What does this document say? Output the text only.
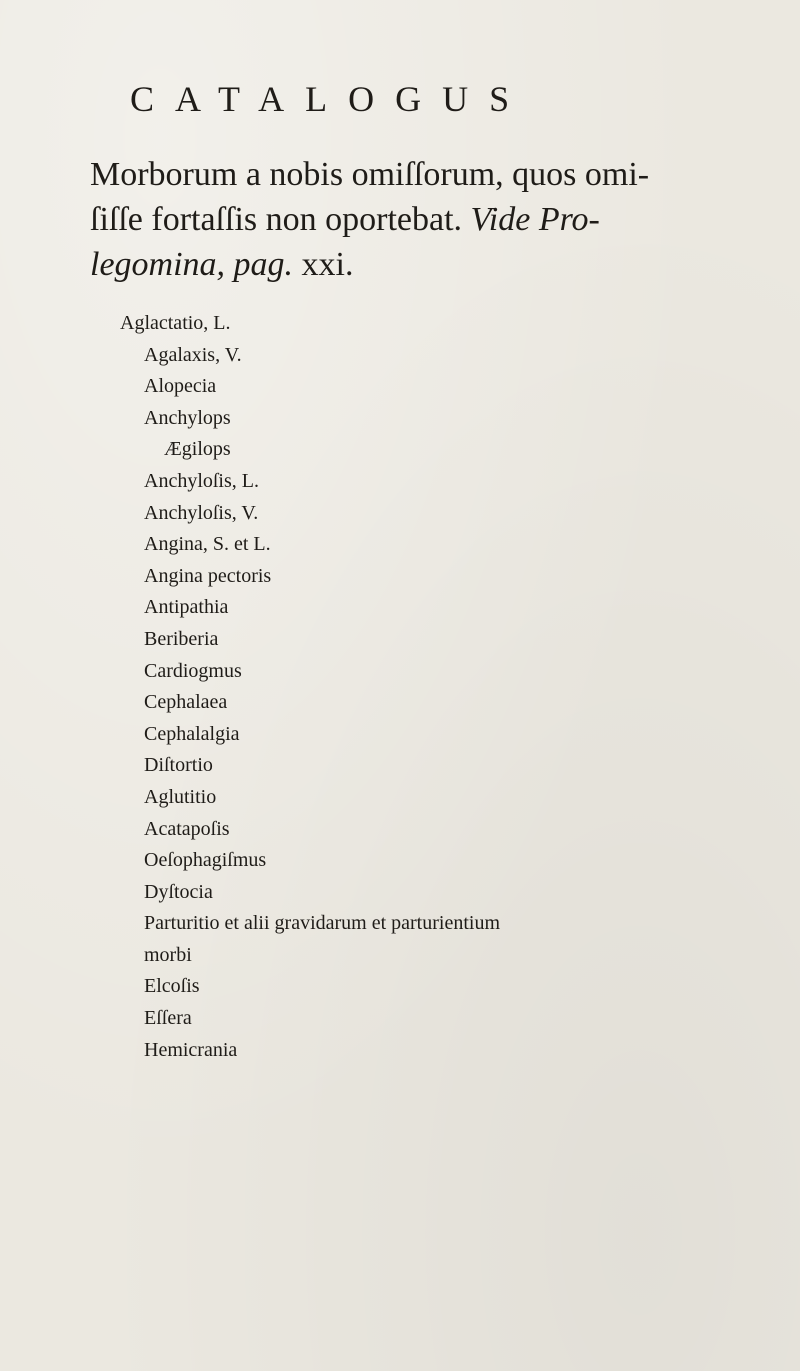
CATALOGUS
Morborum a nobis omiſſorum, quos omi-
ſiſſe fortaſſis non oportebat. Vide Pro-
legomina, pag. xxi.
Aglactatio, L.
Agalaxis, V.
Alopecia
Anchylops
Ægilops
Anchyloſis, L.
Anchyloſis, V.
Angina, S. et L.
Angina pectoris
Antipathia
Beriberia
Cardiogmus
Cephalaea
Cephalalgia
Diſtortio
Aglutitio
Acatapoſis
Oeſophagiſmus
Dyſtocia
Parturitio et alii gravidarum et parturientium
morbi
Elcoſis
Eſſera
Hemicrania
